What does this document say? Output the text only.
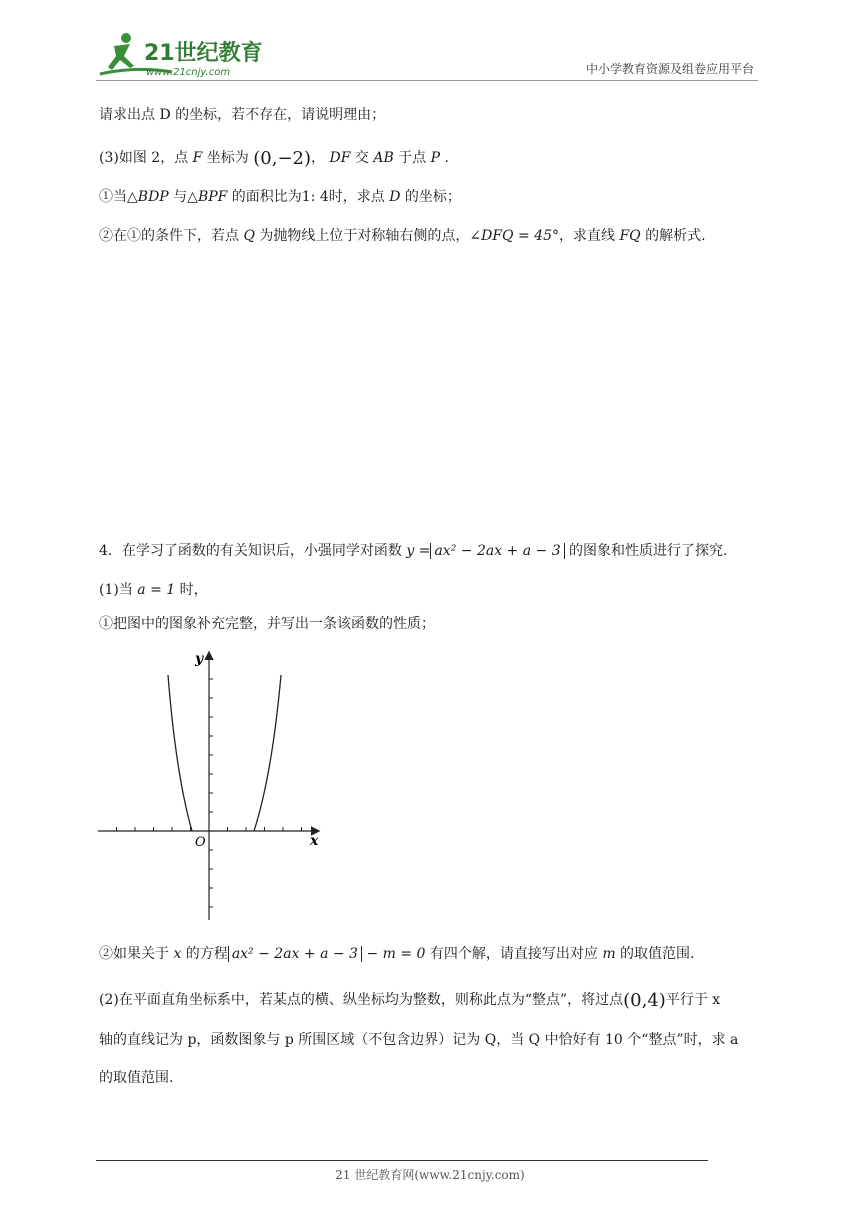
21世纪教育
www.21cnjy.com	中小学教育资源及组卷应用平台
请求出点 D 的坐标，若不存在，请说明理由；
(3)如图 2，点 F 坐标为 (0,−2)， DF 交 AB 于点 P .
①当△BDP 与△BPF 的面积比为1: 4时，求点 D 的坐标；
②在①的条件下，若点 Q 为抛物线上位于对称轴右侧的点，∠DFQ = 45°，求直线 FQ 的解析式.
4．在学习了函数的有关知识后，小强同学对函数 y = ax² − 2ax + a − 3 的图象和性质进行了探究.
(1)当 a = 1 时，
①把图中的图象补充完整，并写出一条该函数的性质；
y
x
O
②如果关于 x 的方程 ax² − 2ax + a − 3 − m = 0 有四个解，请直接写出对应 m 的取值范围.
(2)在平面直角坐标系中，若某点的横、纵坐标均为整数，则称此点为“整点”，将过点(0,4)平行于 x
轴的直线记为 p，函数图象与 p 所围区域（不包含边界）记为 Q，当 Q 中恰好有 10 个“整点”时，求 a
的取值范围.
21 世纪教育网(www.21cnjy.com)
